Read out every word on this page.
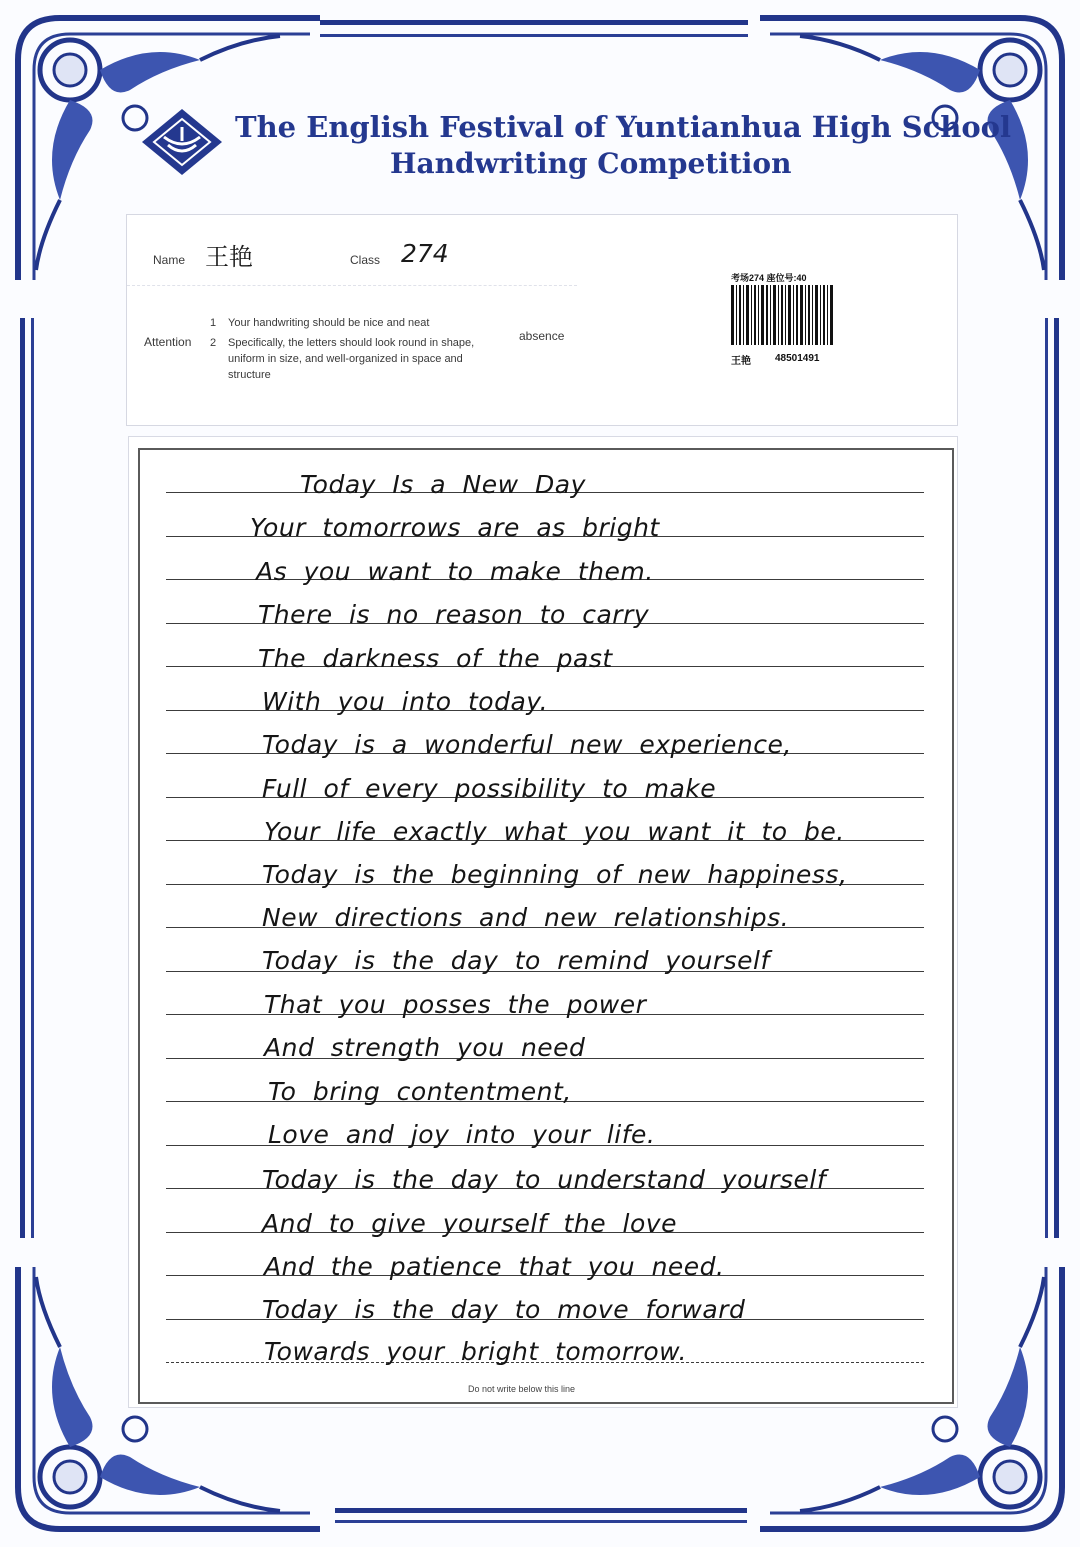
The English Festival of Yuntianhua High School
Handwriting Competition
Name 王艳	Class 274
Attention
1	Your handwriting should be nice and neat
2	Specifically, the letters should look round in shape, uniform in size, and well-organized in space and structure
absence
考场274 座位号:40
王艳 48501491
Today Is a New Day
Your tomorrows are as bright
As you want to make them.
There is no reason to carry
The darkness of the past
With you into today.
Today is a wonderful new experience,
Full of every possibility to make
Your life exactly what you want it to be.
Today is the beginning of new happiness,
New directions and new relationships.
Today is the day to remind yourself
That you posses the power
And strength you need
To bring contentment,
Love and joy into your life.
Today is the day to understand yourself
And to give yourself the love
And the patience that you need.
Today is the day to move forward
Towards your bright tomorrow.
Do not write below this line
